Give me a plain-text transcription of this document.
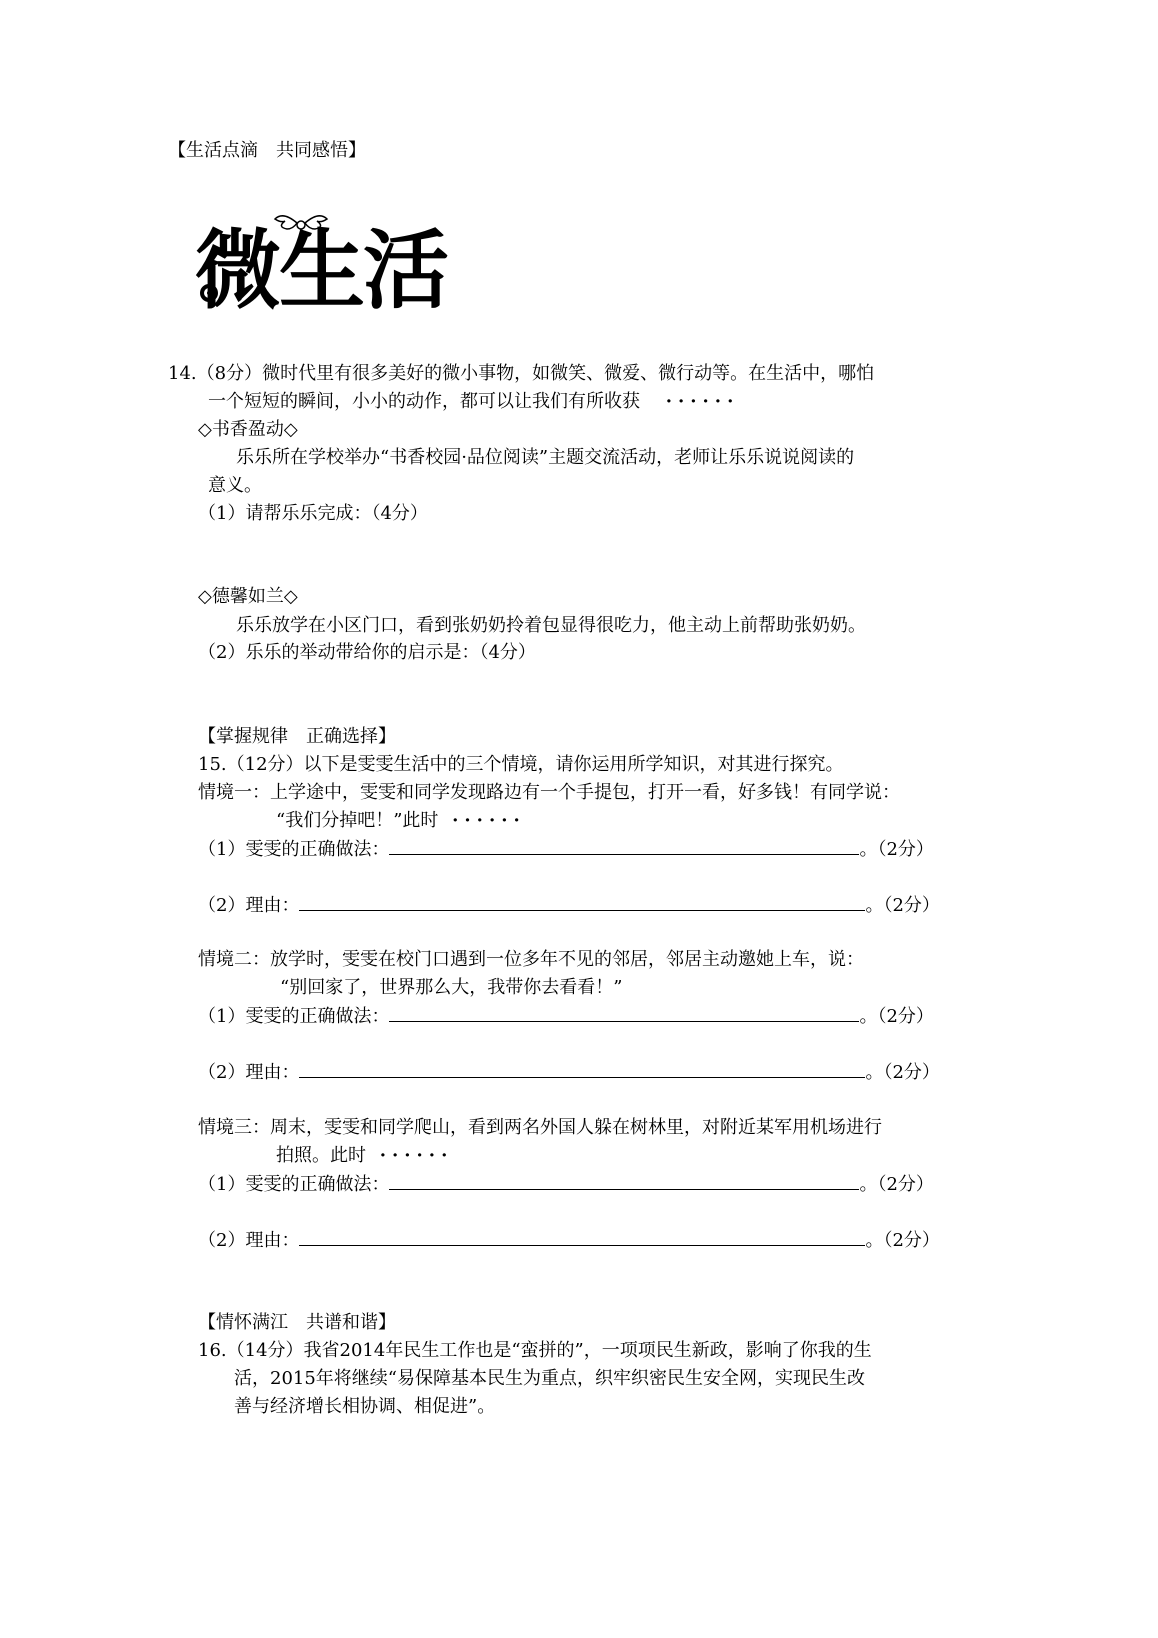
【生活点滴　共同感悟】
微生活
14.（8分）微时代里有很多美好的微小事物，如微笑、微爱、微行动等。在生活中，哪怕
一个短短的瞬间，小小的动作，都可以让我们有所收获 ······
◇书香盈动◇
乐乐所在学校举办“书香校园·品位阅读”主题交流活动，老师让乐乐说说阅读的
意义。
（1）请帮乐乐完成：（4分）
◇德馨如兰◇
乐乐放学在小区门口，看到张奶奶拎着包显得很吃力，他主动上前帮助张奶奶。
（2）乐乐的举动带给你的启示是：（4分）
【掌握规律　正确选择】
15.（12分）以下是雯雯生活中的三个情境，请你运用所学知识，对其进行探究。
情境一：上学途中，雯雯和同学发现路边有一个手提包，打开一看，好多钱！有同学说：
“我们分掉吧！”此时 ······
（1）雯雯的正确做法：	。（2分）
（2）理由：	。（2分）
情境二：放学时，雯雯在校门口遇到一位多年不见的邻居，邻居主动邀她上车，说：
“别回家了，世界那么大，我带你去看看！”
（1）雯雯的正确做法：	。（2分）
（2）理由：	。（2分）
情境三：周末，雯雯和同学爬山，看到两名外国人躲在树林里，对附近某军用机场进行
拍照。此时 ······
（1）雯雯的正确做法：	。（2分）
（2）理由：	。（2分）
【情怀满江　共谱和谐】
16.（14分）我省2014年民生工作也是“蛮拼的”，一项项民生新政，影响了你我的生
活，2015年将继续“易保障基本民生为重点，织牢织密民生安全网，实现民生改
善与经济增长相协调、相促进”。
